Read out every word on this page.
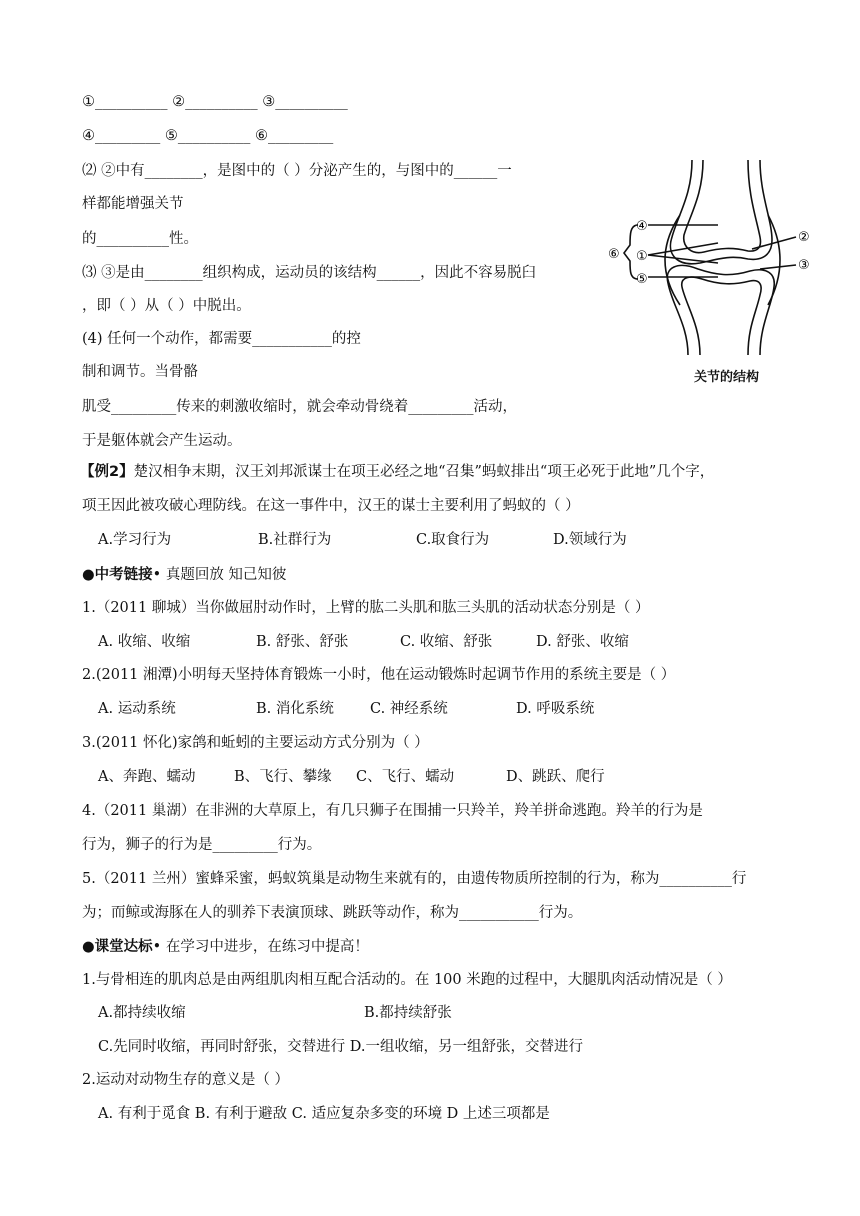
①__________ ②__________ ③__________
④_________ ⑤__________ ⑥_________
⑵ ②中有________，是图中的（ ）分泌产生的，与图中的______一
样都能增强关节
的__________性。
⑶ ③是由________组织构成，运动员的该结构______，因此不容易脱臼
，即（ ）从（ ）中脱出。
(4) 任何一个动作，都需要___________的控
制和调节。当骨骼
肌受_________传来的刺激收缩时，就会牵动骨绕着_________活动，
于是躯体就会产生运动。
④
①
⑤
⑥
②
③
关节的结构
【例2】楚汉相争末期，汉王刘邦派谋士在项王必经之地“召集”蚂蚁排出“项王必死于此地”几个字，
项王因此被攻破心理防线。在这一事件中，汉王的谋士主要利用了蚂蚁的（ ）
A.学习行为	B.社群行为	C.取食行为	D.领域行为
●中考链接• 真题回放 知己知彼
1.（2011 聊城）当你做屈肘动作时，上臂的肱二头肌和肱三头肌的活动状态分别是（ ）
A. 收缩、收缩	B. 舒张、舒张	C. 收缩、舒张	D. 舒张、收缩
2.(2011 湘潭)小明每天坚持体育锻炼一小时，他在运动锻炼时起调节作用的系统主要是（ ）
A. 运动系统	B. 消化系统 C. 神经系统	D. 呼吸系统
3.(2011 怀化)家鸽和蚯蚓的主要运动方式分别为（ ）
A、奔跑、蠕动	B、飞行、攀缘 C、飞行、蠕动	D、跳跃、爬行
4.（2011 巢湖）在非洲的大草原上，有几只狮子在围捕一只羚羊，羚羊拼命逃跑。羚羊的行为是
行为，狮子的行为是_________行为。
5.（2011 兰州）蜜蜂采蜜，蚂蚁筑巢是动物生来就有的，由遗传物质所控制的行为，称为__________行
为；而鲸或海豚在人的驯养下表演顶球、跳跃等动作，称为___________行为。
●课堂达标• 在学习中进步，在练习中提高！
1.与骨相连的肌肉总是由两组肌肉相互配合活动的。在 100 米跑的过程中，大腿肌肉活动情况是（ ）
A.都持续收缩	B.都持续舒张
C.先同时收缩，再同时舒张，交替进行 D.一组收缩，另一组舒张，交替进行
2.运动对动物生存的意义是（ ）
A. 有利于觅食 B. 有利于避敌 C. 适应复杂多变的环境 D 上述三项都是
